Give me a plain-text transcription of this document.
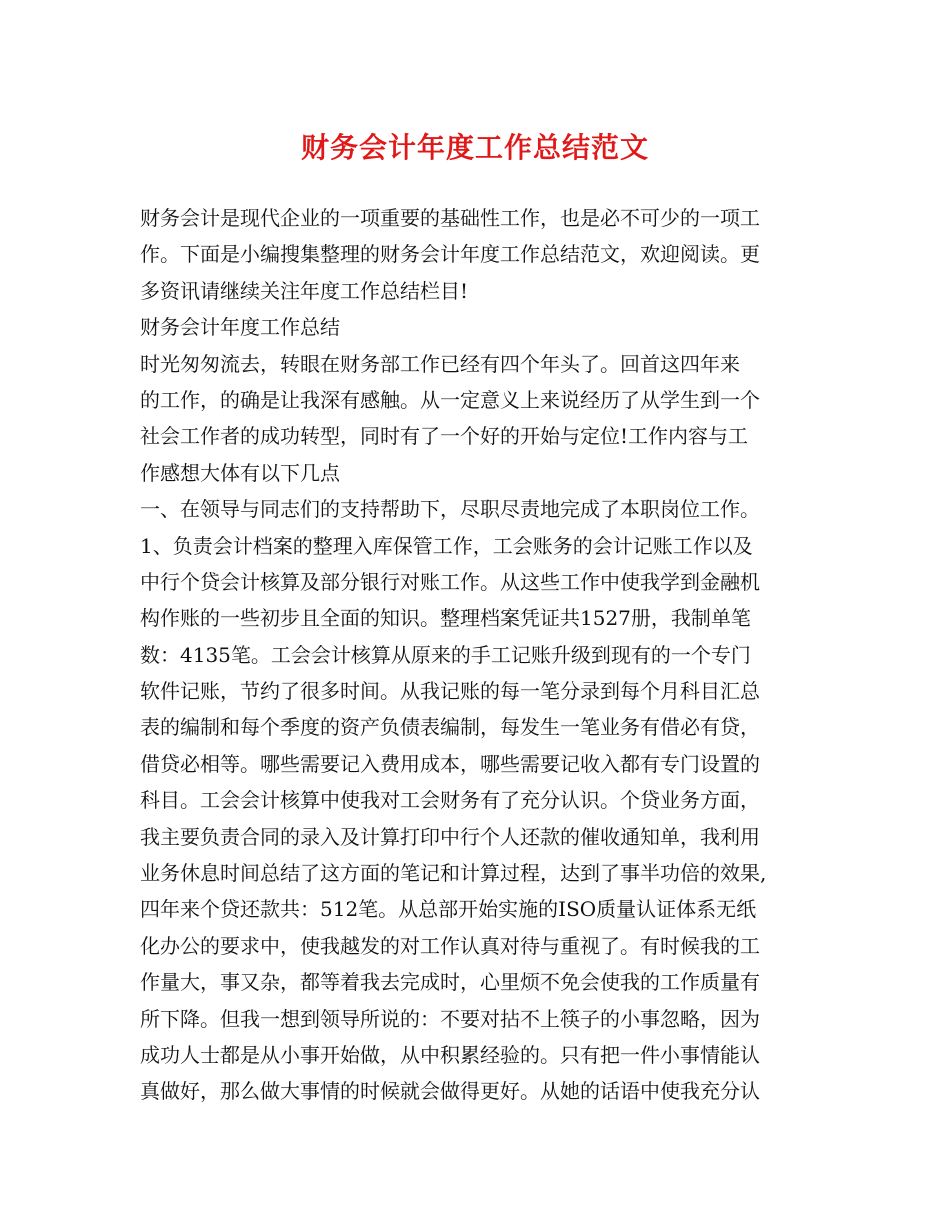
财务会计年度工作总结范文
财务会计是现代企业的一项重要的基础性工作，也是必不可少的一项工
作。下面是小编搜集整理的财务会计年度工作总结范文，欢迎阅读。更
多资讯请继续关注年度工作总结栏目!
财务会计年度工作总结
时光匆匆流去，转眼在财务部工作已经有四个年头了。回首这四年来
的工作，的确是让我深有感触。从一定意义上来说经历了从学生到一个
社会工作者的成功转型，同时有了一个好的开始与定位!工作内容与工
作感想大体有以下几点
一、在领导与同志们的支持帮助下，尽职尽责地完成了本职岗位工作。
1、负责会计档案的整理入库保管工作，工会账务的会计记账工作以及
中行个贷会计核算及部分银行对账工作。从这些工作中使我学到金融机
构作账的一些初步且全面的知识。整理档案凭证共1527册，我制单笔
数：4135笔。工会会计核算从原来的手工记账升级到现有的一个专门
软件记账，节约了很多时间。从我记账的每一笔分录到每个月科目汇总
表的编制和每个季度的资产负债表编制，每发生一笔业务有借必有贷，
借贷必相等。哪些需要记入费用成本，哪些需要记收入都有专门设置的
科目。工会会计核算中使我对工会财务有了充分认识。个贷业务方面，
我主要负责合同的录入及计算打印中行个人还款的催收通知单，我利用
业务休息时间总结了这方面的笔记和计算过程，达到了事半功倍的效果,
四年来个贷还款共：512笔。从总部开始实施的ISO质量认证体系无纸
化办公的要求中，使我越发的对工作认真对待与重视了。有时候我的工
作量大，事又杂，都等着我去完成时，心里烦不免会使我的工作质量有
所下降。但我一想到领导所说的：不要对拈不上筷子的小事忽略，因为
成功人士都是从小事开始做，从中积累经验的。只有把一件小事情能认
真做好，那么做大事情的时候就会做得更好。从她的话语中使我充分认
